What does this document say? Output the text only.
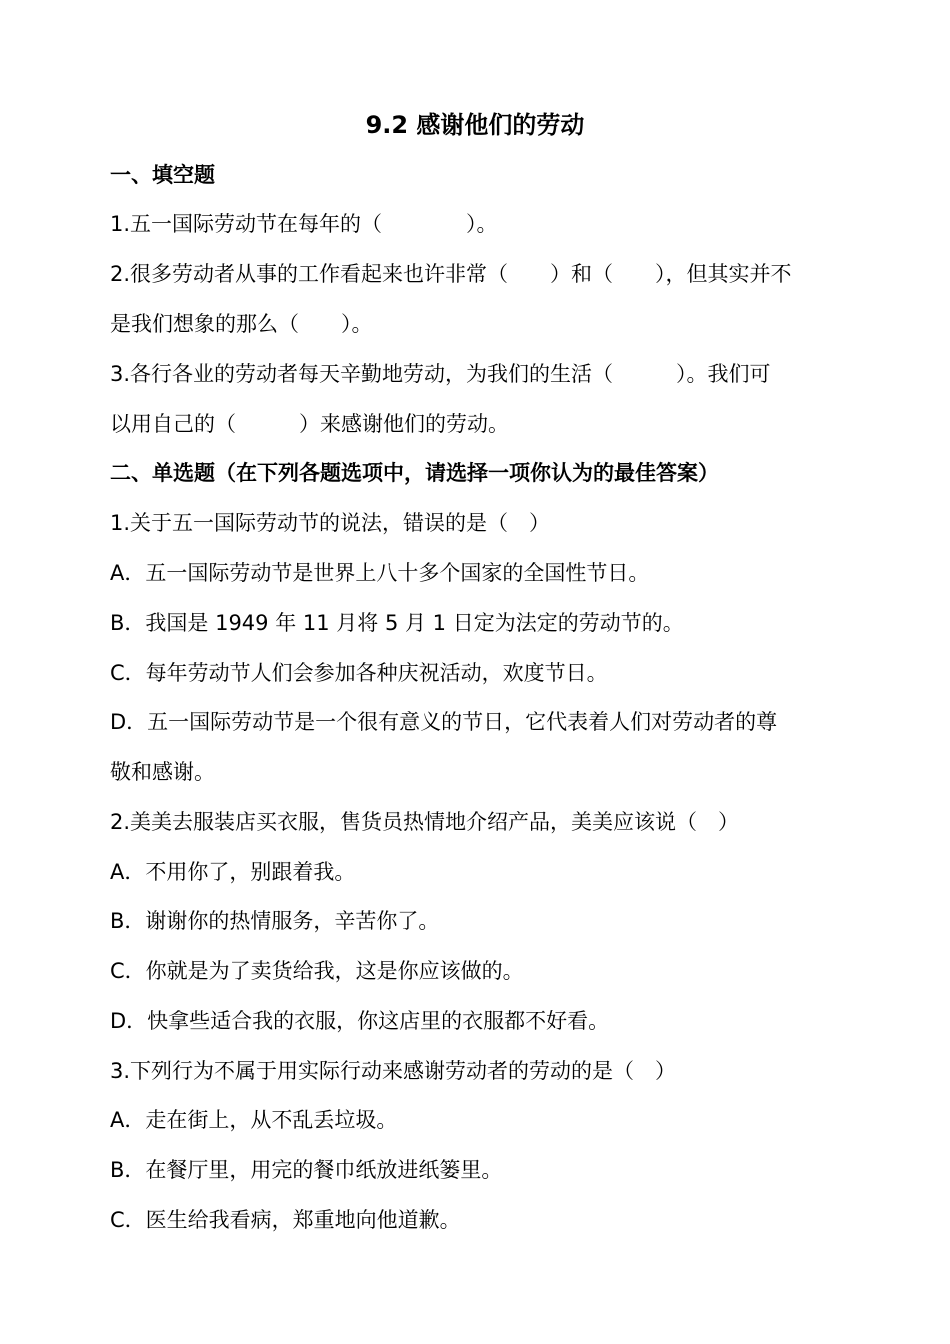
9.2 感谢他们的劳动
一、填空题
1.五一国际劳动节在每年的（　　　　）。
2.很多劳动者从事的工作看起来也许非常（　　）和（　　），但其实并不
是我们想象的那么（　　）。
3.各行各业的劳动者每天辛勤地劳动，为我们的生活（　　　）。我们可
以用自己的（　　　）来感谢他们的劳动。
二、单选题（在下列各题选项中，请选择一项你认为的最佳答案）
1.关于五一国际劳动节的说法，错误的是（　）
A．五一国际劳动节是世界上八十多个国家的全国性节日。
B．我国是 1949 年 11 月将 5 月 1 日定为法定的劳动节的。
C．每年劳动节人们会参加各种庆祝活动，欢度节日。
D．五一国际劳动节是一个很有意义的节日，它代表着人们对劳动者的尊
敬和感谢。
2.美美去服装店买衣服，售货员热情地介绍产品，美美应该说（　）
A．不用你了，别跟着我。
B．谢谢你的热情服务，辛苦你了。
C．你就是为了卖货给我，这是你应该做的。
D．快拿些适合我的衣服，你这店里的衣服都不好看。
3.下列行为不属于用实际行动来感谢劳动者的劳动的是（　）
A．走在街上，从不乱丢垃圾。
B．在餐厅里，用完的餐巾纸放进纸篓里。
C．医生给我看病，郑重地向他道歉。
